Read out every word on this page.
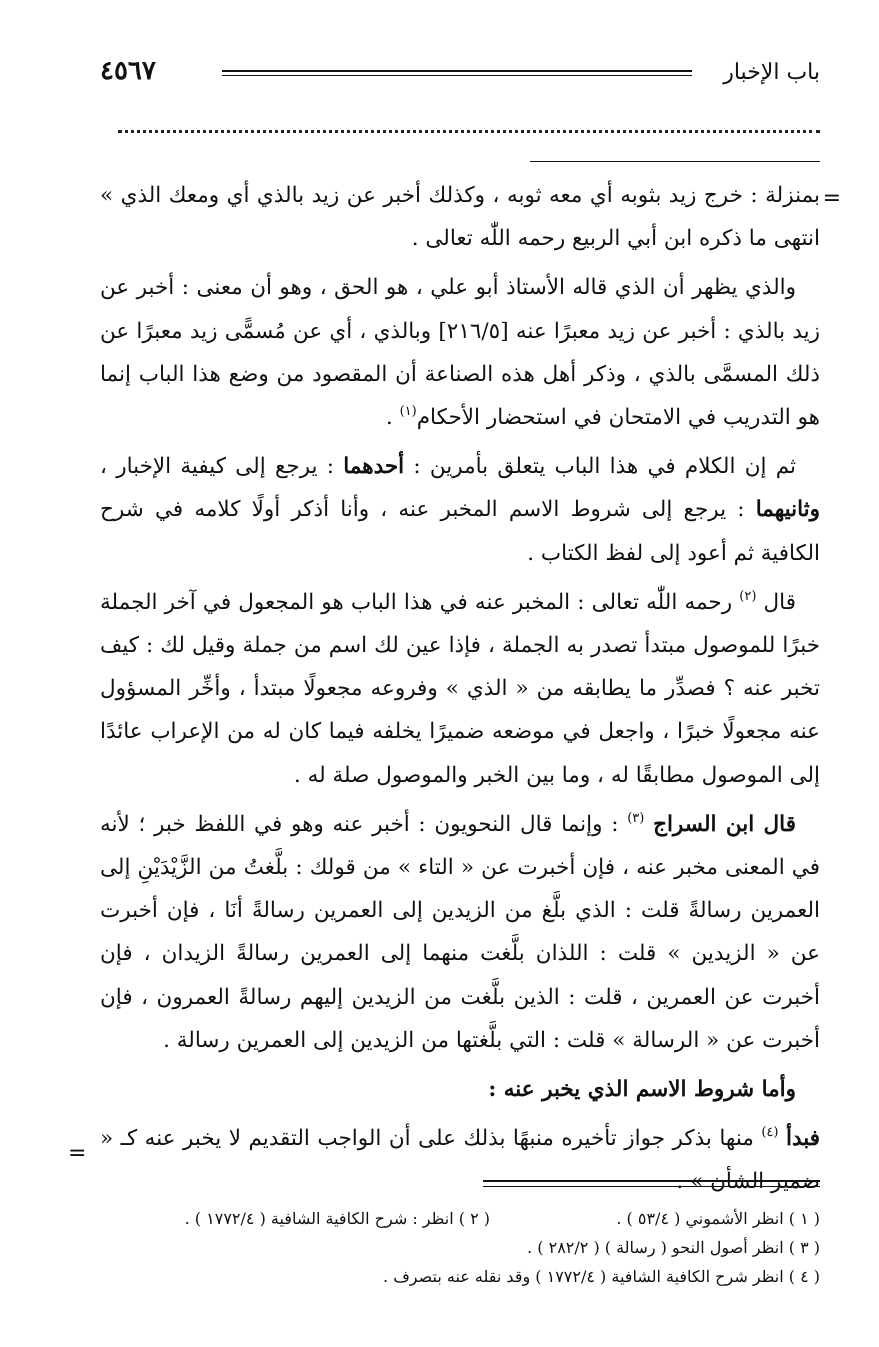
باب الإخبار
٤٥٦٧
=

بمنزلة : خرج زيد بثوبه أي معه ثوبه ، وكذلك أخبر عن زيد بالذي أي ومعك الذي » انتهى ما ذكره ابن أبي الربيع رحمه اللّٰه تعالى .

والذي يظهر أن الذي قاله الأستاذ أبو علي ، هو الحق ، وهو أن معنى : أخبر عن زيد بالذي : أخبر عن زيد معبرًا عنه [٢١٦/٥] وبالذي ، أي عن مُسمًّى زيد معبرًا عن ذلك المسمَّى بالذي ، وذكر أهل هذه الصناعة أن المقصود من وضع هذا الباب إنما هو التدريب في الامتحان في استحضار الأحكام$^{(١)}$ .

ثم إن الكلام في هذا الباب يتعلق بأمرين : أحدهما : يرجع إلى كيفية الإخبار ، وثانيهما : يرجع إلى شروط الاسم المخبر عنه ، وأنا أذكر أولًا كلامه في شرح الكافية ثم أعود إلى لفظ الكتاب .

قال $^{(٢)}$ رحمه اللّٰه تعالى : المخبر عنه في هذا الباب هو المجعول في آخر الجملة خبرًا للموصول مبتدأ تصدر به الجملة ، فإذا عين لك اسم من جملة وقيل لك : كيف تخبر عنه ؟ فصدِّر ما يطابقه من « الذي » وفروعه مجعولًا مبتدأ ، وأخِّر المسؤول عنه مجعولًا خبرًا ، واجعل في موضعه ضميرًا يخلفه فيما كان له من الإعراب عائدًا إلى الموصول مطابقًا له ، وما بين الخبر والموصول صلة له .

قال ابن السراج $^{(٣)}$ : وإنما قال النحويون : أخبر عنه وهو في اللفظ خبر ؛ لأنه في المعنى مخبر عنه ، فإن أخبرت عن « التاء » من قولك : بلَّغتُ من الزَّيْدَيْنِ إلى العمرين رسالةً قلت : الذي بلَّغ من الزيدين إلى العمرين رسالةً أنَا ، فإن أخبرت عن « الزيدين » قلت : اللذان بلَّغت منهما إلى العمرين رسالةً الزيدان ، فإن أخبرت عن العمرين ، قلت : الذين بلَّغت من الزيدين إليهم رسالةً العمرون ، فإن أخبرت عن « الرسالة » قلت : التي بلَّغتها من الزيدين إلى العمرين رسالة .

وأما شروط الاسم الذي يخبر عنه :

فبدأ $^{(٤)}$ منها بذكر جواز تأخيره منبهًا بذلك على أن الواجب التقديم لا يخبر عنه كـ « ضمير الشأن » .

=
( ١ ) انظر الأشموني ( ٥٣/٤ ) .
( ٢ ) انظر : شرح الكافية الشافية ( ١٧٧٢/٤ ) .
( ٣ ) انظر أصول النحو ( رسالة ) ( ٢٨٢/٢ ) .
( ٤ ) انظر شرح الكافية الشافية ( ١٧٧٢/٤ ) وقد نقله عنه بتصرف .
